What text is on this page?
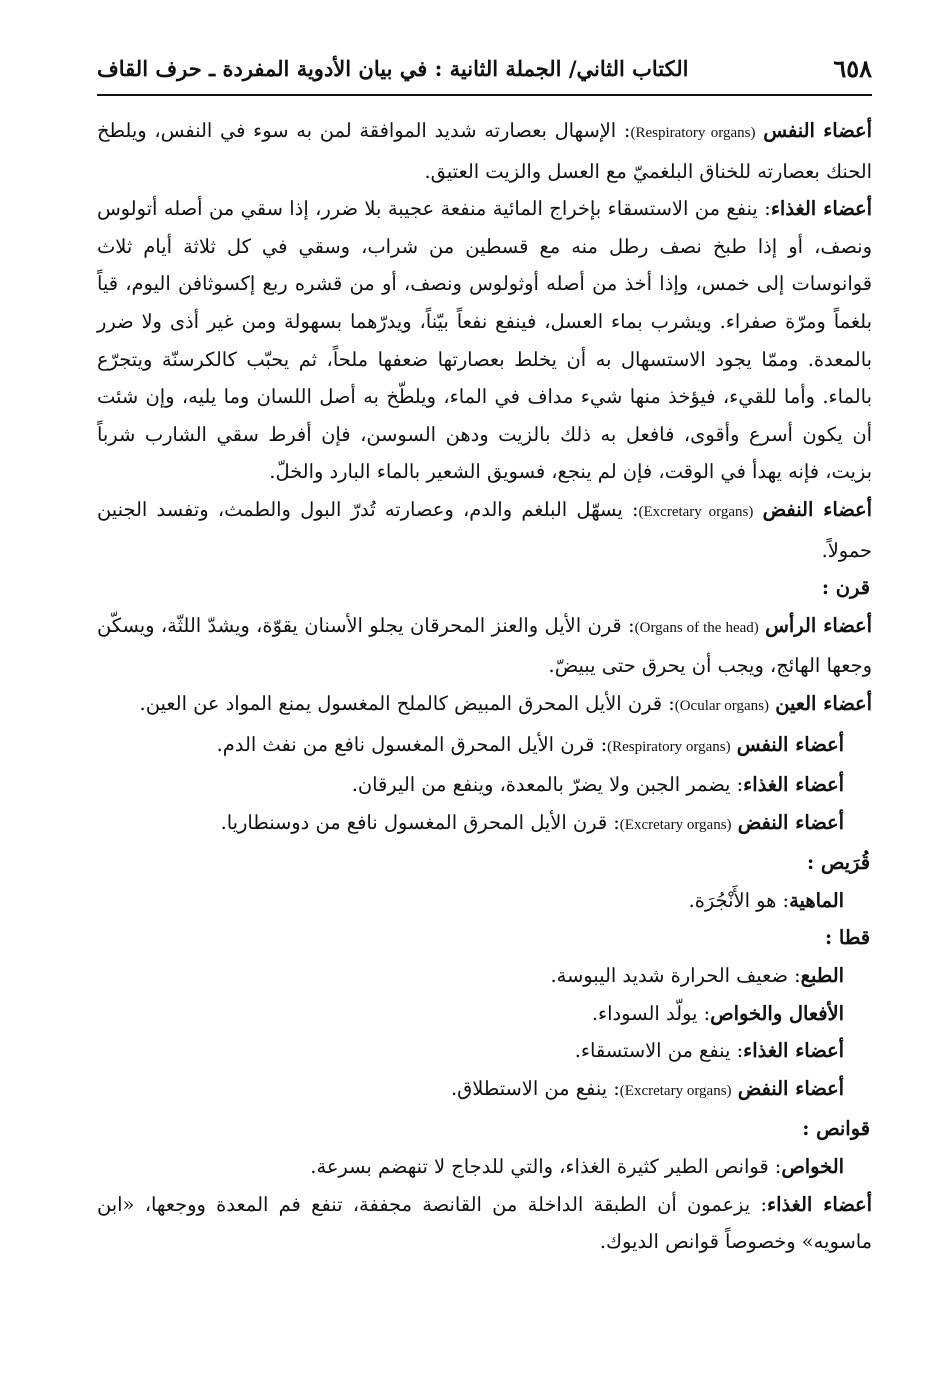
٦٥٨
الكتاب الثاني/ الجملة الثانية : في بيان الأدوية المفردة ـ حرف القاف

أعضاء النفس (Respiratory organs): الإسهال بعصارته شديد الموافقة لمن به سوء في النفس، ويلطخ الحنك بعصارته للخناق البلغميّ مع العسل والزيت العتيق.

أعضاء الغذاء: ينفع من الاستسقاء بإخراج المائية منفعة عجيبة بلا ضرر، إذا سقي من أصله أتولوس ونصف، أو إذا طبخ نصف رطل منه مع قسطين من شراب، وسقي في كل ثلاثة أيام ثلاث قوانوسات إلى خمس، وإذا أخذ من أصله أوثولوس ونصف، أو من قشره ربع إكسوثافن اليوم، قياً بلغماً ومرّة صفراء. ويشرب بماء العسل، فينفع نفعاً بيّناً، ويدرّهما بسهولة ومن غير أذى ولا ضرر بالمعدة. وممّا يجود الاستسهال به أن يخلط بعصارتها ضعفها ملحاً، ثم يحبّب كالكرسنّة ويتجرّع بالماء. وأما للقيء، فيؤخذ منها شيء مداف في الماء، ويلطّخ به أصل اللسان وما يليه، وإن شئت أن يكون أسرع وأقوى، فافعل به ذلك بالزيت ودهن السوسن، فإن أفرط سقي الشارب شرباً بزيت، فإنه يهدأ في الوقت، فإن لم ينجع، فسويق الشعير بالماء البارد والخلّ.

أعضاء النفض (Excretary organs): يسهّل البلغم والدم، وعصارته تُدرّ البول والطمث، وتفسد الجنين حمولاً.

قرن :

أعضاء الرأس (Organs of the head): قرن الأيل والعنز المحرقان يجلو الأسنان يقوّة، ويشدّ اللثّة، ويسكّن وجعها الهائج، ويجب أن يحرق حتى يبيضّ.

أعضاء العين (Ocular organs): قرن الأيل المحرق المبيض كالملح المغسول يمنع المواد عن العين.

أعضاء النفس (Respiratory organs): قرن الأيل المحرق المغسول نافع من نفث الدم.

أعضاء الغذاء: يضمر الجبن ولا يضرّ بالمعدة، وينفع من اليرقان.

أعضاء النفض (Excretary organs): قرن الأيل المحرق المغسول نافع من دوسنطاريا.

قُرَيص :

الماهية: هو الأَنْجُرَة.

قطا :

الطبع: ضعيف الحرارة شديد اليبوسة.

الأفعال والخواص: يولّد السوداء.

أعضاء الغذاء: ينفع من الاستسقاء.

أعضاء النفض (Excretary organs): ينفع من الاستطلاق.

قوانص :

الخواص: قوانص الطير كثيرة الغذاء، والتي للدجاج لا تنهضم بسرعة.

أعضاء الغذاء: يزعمون أن الطبقة الداخلة من القانصة مجففة، تنفع فم المعدة ووجعها، «ابن ماسويه» وخصوصاً قوانص الديوك.
